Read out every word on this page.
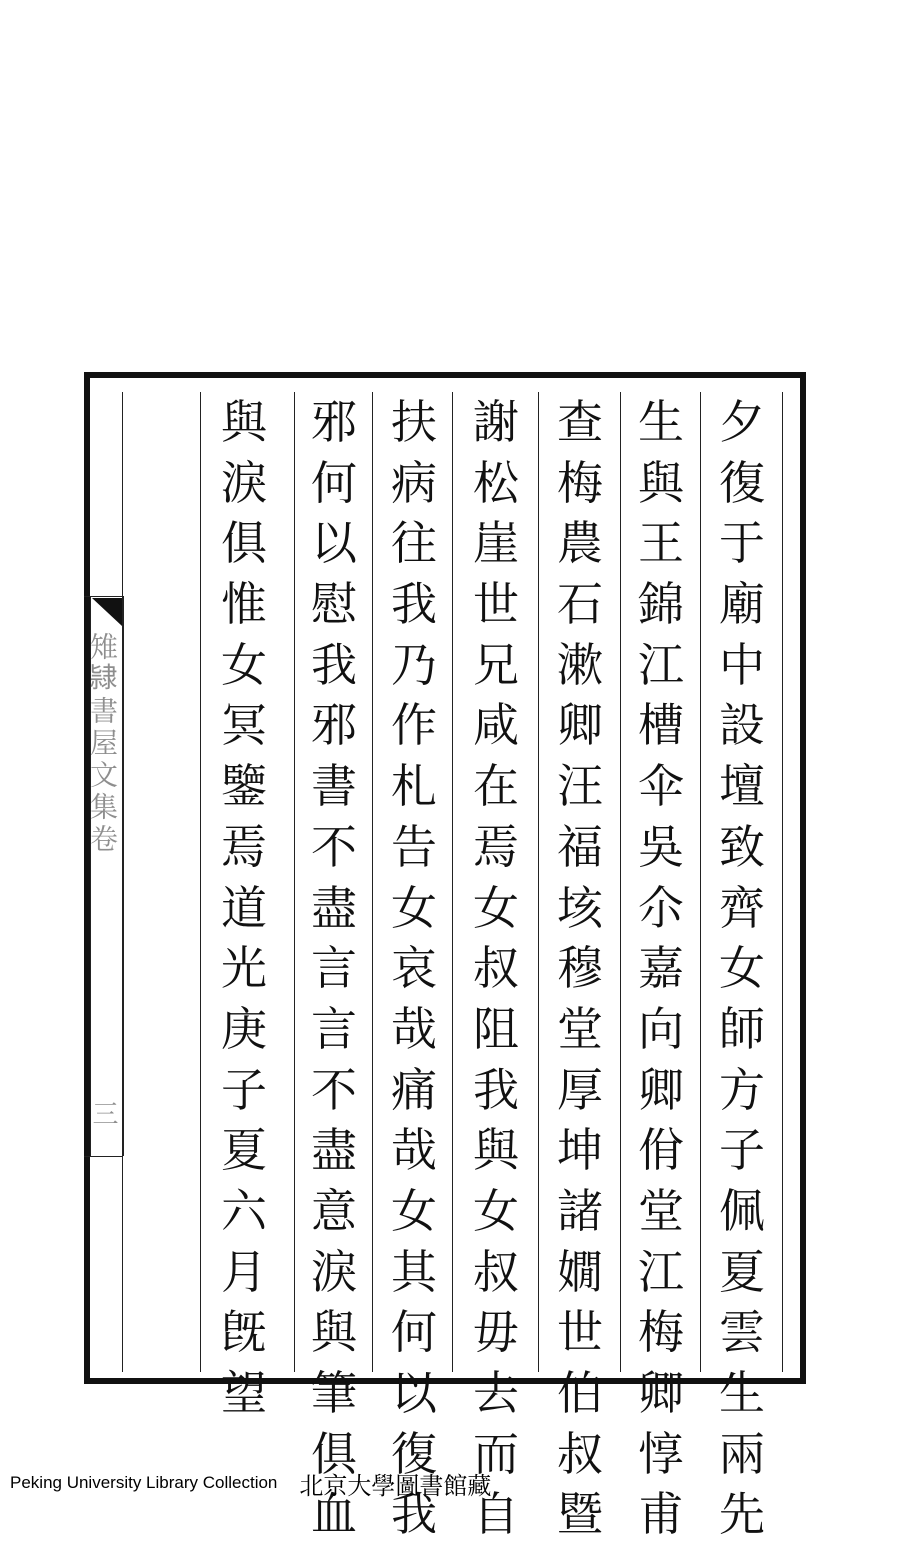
雉𨽻書屋文集卷
三
夕
復
于
廟
中
設
壇
致
齊
女
師
方
子
佩
夏
雲
生
兩
先
生
與
王
錦
江
槽
伞
吳
尒
嘉
向
卿
佾
堂
江
梅
卿
惇
甫
查
梅
農
石
漱
卿
汪
福
垓
穆
堂
厚
坤
諸
嫺
世
伯
叔
暨
謝
松
崖
世
兄
咸
在
焉
女
叔
阻
我
與
女
叔
毋
去
而
自
扶
病
往
我
乃
作
札
告
女
哀
哉
痛
哉
女
其
何
以
復
我
邪
何
以
慰
我
邪
書
不
盡
言
言
不
盡
意
淚
與
筆
俱
血
與
淚
俱
惟
女
冥
鑒
焉
道
光
庚
子
夏
六
月
旣
望
Peking University Library Collection 北京大學圖書館藏
